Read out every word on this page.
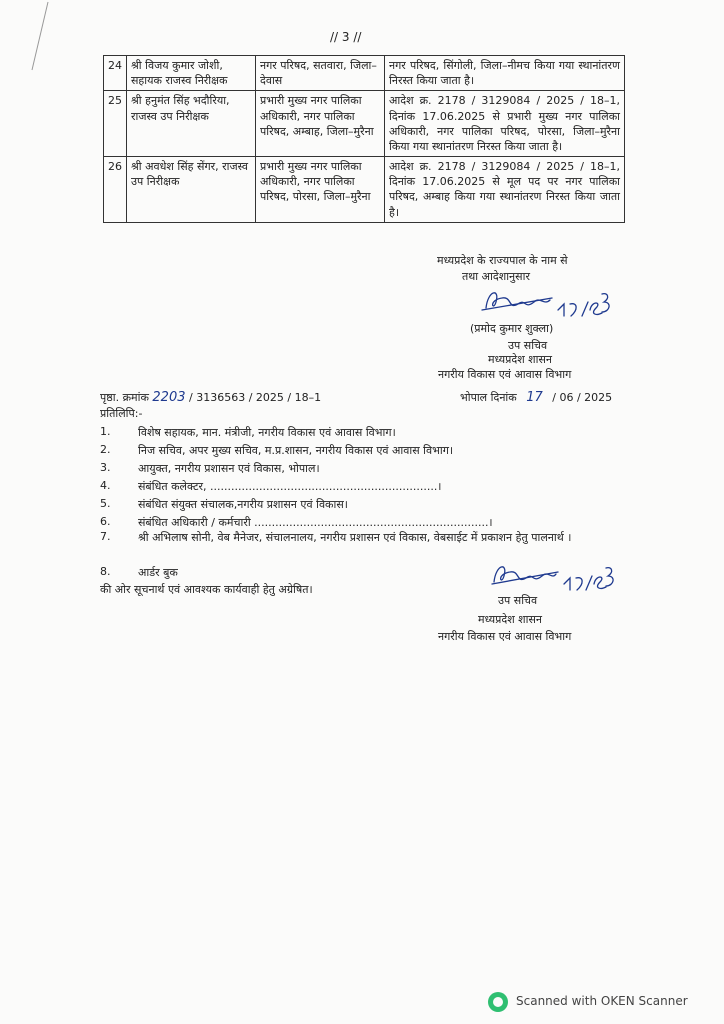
// 3 //
24	श्री विजय कुमार जोशी, सहायक राजस्व निरीक्षक	नगर परिषद, सतवारा, जिला–देवास	नगर परिषद, सिंगोली, जिला–नीमच किया गया स्थानांतरण निरस्त किया जाता है।
25	श्री हनुमंत सिंह भदौरिया, राजस्व उप निरीक्षक	प्रभारी मुख्य नगर पालिका अधिकारी, नगर पालिका परिषद, अम्बाह, जिला–मुरैना	आदेश क्र. 2178 / 3129084 / 2025 / 18–1, दिनांक 17.06.2025 से प्रभारी मुख्य नगर पालिका अधिकारी, नगर पालिका परिषद, पोरसा, जिला–मुरैना किया गया स्थानांतरण निरस्त किया जाता है।
26	श्री अवधेश सिंह सेंगर, राजस्व उप निरीक्षक	प्रभारी मुख्य नगर पालिका अधिकारी, नगर पालिका परिषद, पोरसा, जिला–मुरैना	आदेश क्र. 2178 / 3129084 / 2025 / 18–1, दिनांक 17.06.2025 से मूल पद पर नगर पालिका परिषद, अम्बाह किया गया स्थानांतरण निरस्त किया जाता है।
मध्यप्रदेश के राज्यपाल के नाम से
तथा आदेशानुसार
(प्रमोद कुमार शुक्ला)
उप सचिव
मध्यप्रदेश शासन
नगरीय विकास एवं आवास विभाग
पृष्ठा. क्रमांक 2203 / 3136563 / 2025 / 18–1	भोपाल दिनांक 17 / 06 / 2025
प्रतिलिपि:-
1.	विशेष सहायक, मान. मंत्रीजी, नगरीय विकास एवं आवास विभाग।
2.	निज सचिव, अपर मुख्य सचिव, म.प्र.शासन, नगरीय विकास एवं आवास विभाग।
3.	आयुक्त, नगरीय प्रशासन एवं विकास, भोपाल।
4.	संबंधित कलेक्टर, .................................................................।
5.	संबंधित संयुक्त संचालक,नगरीय प्रशासन एवं विकास।
6.	संबंधित अधिकारी / कर्मचारी ...................................................................।
7.	श्री अभिलाष सोनी, वेब मैनेजर, संचालनालय, नगरीय प्रशासन एवं विकास, वेबसाईट में प्रकाशन हेतु पालनार्थ ।
8.	आर्डर बुक
की ओर सूचनार्थ एवं आवश्यक कार्यवाही हेतु अग्रेषित।
उप सचिव
मध्यप्रदेश शासन
नगरीय विकास एवं आवास विभाग
Scanned with OKEN Scanner
